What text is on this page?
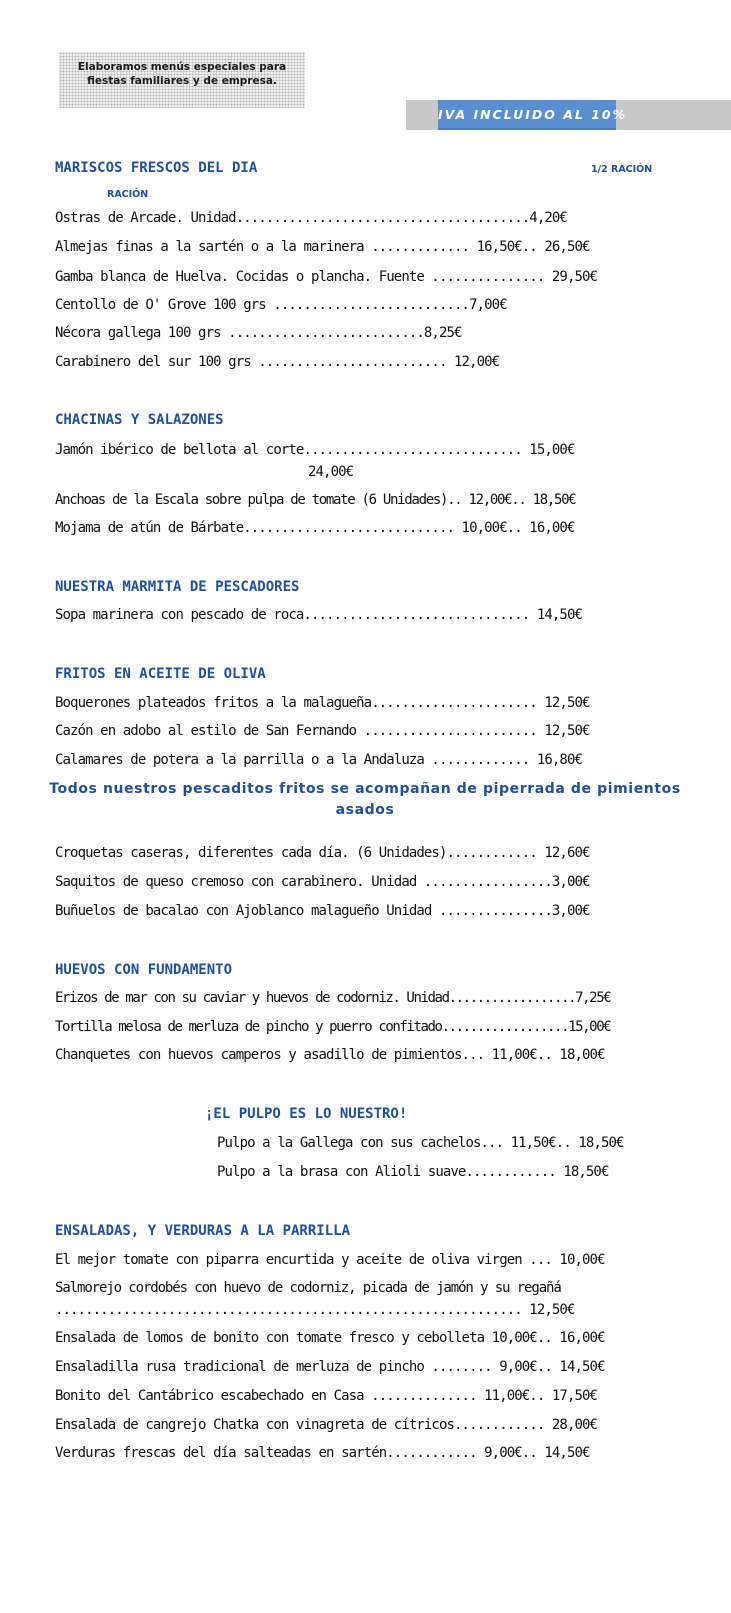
Elaboramos menús especiales para
fiestas familiares y de empresa.
IVA INCLUIDO AL 10%
MARISCOS FRESCOS DEL DIA	1/2 RACIÓN
RACIÓN
Ostras de Arcade. Unidad.......................................4,20€
Almejas finas a la sartén o a la marinera ............. 16,50€.. 26,50€
Gamba blanca de Huelva. Cocidas o plancha. Fuente ............... 29,50€
Centollo de O' Grove 100 grs ..........................7,00€
Nécora gallega 100 grs ..........................8,25€
Carabinero del sur 100 grs ......................... 12,00€
CHACINAS Y SALAZONES
Jamón ibérico de bellota al corte............................. 15,00€
24,00€
Anchoas de la Escala sobre pulpa de tomate (6 Unidades).. 12,00€.. 18,50€
Mojama de atún de Bárbate............................ 10,00€.. 16,00€
NUESTRA MARMITA DE PESCADORES
Sopa marinera con pescado de roca.............................. 14,50€
FRITOS EN ACEITE DE OLIVA
Boquerones plateados fritos a la malagueña...................... 12,50€
Cazón en adobo al estilo de San Fernando ....................... 12,50€
Calamares de potera a la parrilla o a la Andaluza ............. 16,80€
Todos nuestros pescaditos fritos se acompañan de piperrada de pimientos
asados
Croquetas caseras, diferentes cada día. (6 Unidades)............ 12,60€
Saquitos de queso cremoso con carabinero. Unidad .................3,00€
Buñuelos de bacalao con Ajoblanco malagueño Unidad ...............3,00€
HUEVOS CON FUNDAMENTO
Erizos de mar con su caviar y huevos de codorniz. Unidad..................7,25€
Tortilla melosa de merluza de pincho y puerro confitado..................15,00€
Chanquetes con huevos camperos y asadillo de pimientos... 11,00€.. 18,00€
¡EL PULPO ES LO NUESTRO!
Pulpo a la Gallega con sus cachelos... 11,50€.. 18,50€
Pulpo a la brasa con Alioli suave............ 18,50€
ENSALADAS, Y VERDURAS A LA PARRILLA
El mejor tomate con piparra encurtida y aceite de oliva virgen ... 10,00€
Salmorejo cordobés con huevo de codorniz, picada de jamón y su regañá
.............................................................. 12,50€
Ensalada de lomos de bonito con tomate fresco y cebolleta 10,00€.. 16,00€
Ensaladilla rusa tradicional de merluza de pincho ........ 9,00€.. 14,50€
Bonito del Cantábrico escabechado en Casa .............. 11,00€.. 17,50€
Ensalada de cangrejo Chatka con vinagreta de cítricos............ 28,00€
Verduras frescas del día salteadas en sartén............ 9,00€.. 14,50€
